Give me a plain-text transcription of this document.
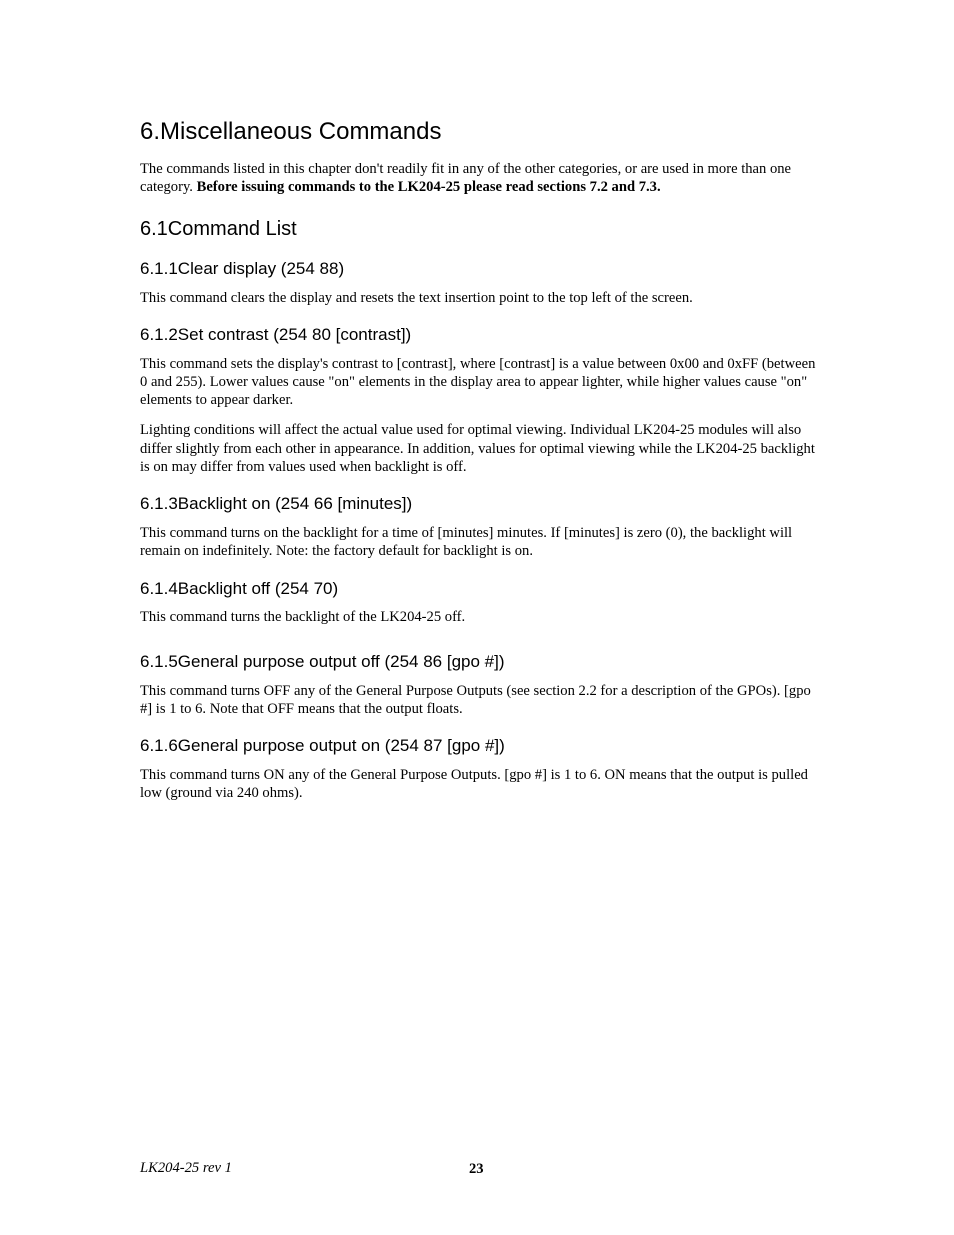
6.Miscellaneous Commands

The commands listed in this chapter don't readily fit in any of the other categories, or are used in more than one category. Before issuing commands to the LK204-25 please read sections 7.2 and 7.3.

6.1Command List
6.1.1Clear display (254 88)

This command clears the display and resets the text insertion point to the top left of the screen.

6.1.2Set contrast (254 80 [contrast])

This command sets the display's contrast to [contrast], where [contrast] is a value between 0x00 and 0xFF (between 0 and 255). Lower values cause "on" elements in the display area to appear lighter, while higher values cause "on" elements to appear darker.

Lighting conditions will affect the actual value used for optimal viewing. Individual LK204-25 modules will also differ slightly from each other in appearance. In addition, values for optimal viewing while the LK204-25 backlight is on may differ from values used when backlight is off.

6.1.3Backlight on (254 66 [minutes])

This command turns on the backlight for a time of [minutes] minutes. If [minutes] is zero (0), the backlight will remain on indefinitely. Note: the factory default for backlight is on.

6.1.4Backlight off (254 70)

This command turns the backlight of the LK204-25 off.

6.1.5General purpose output off (254 86 [gpo #])

This command turns OFF any of the General Purpose Outputs (see section 2.2 for a description of the GPOs). [gpo #] is 1 to 6. Note that OFF means that the output floats.

6.1.6General purpose output on (254 87 [gpo #])

This command turns ON any of the General Purpose Outputs. [gpo #] is 1 to 6. ON means that the output is pulled low (ground via 240 ohms).

LK204-25 rev 1	23
